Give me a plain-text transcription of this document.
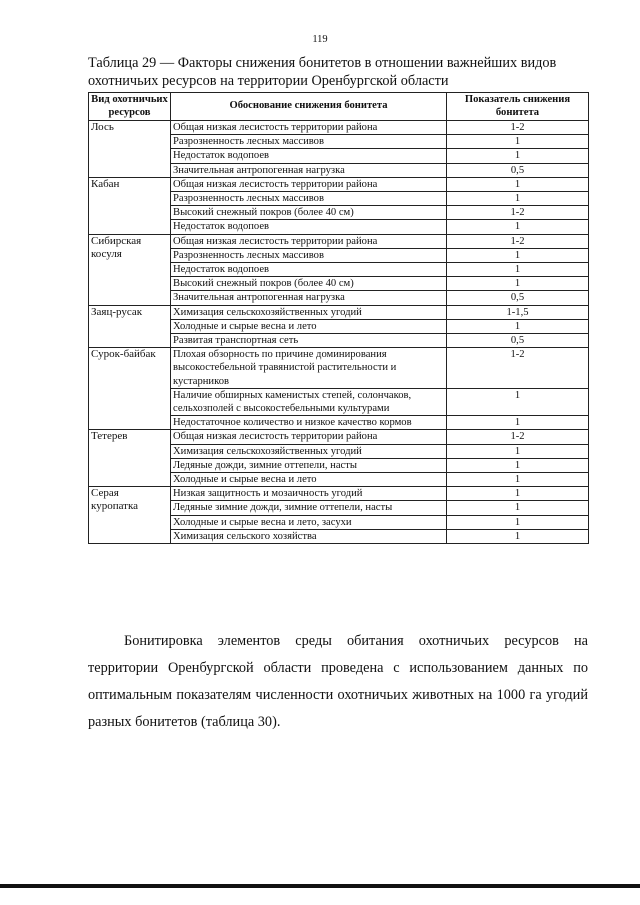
119
Таблица 29 — Факторы снижения бонитетов в отношении важнейших видов охотничьих ресурсов на территории Оренбургской области
Вид охотничьих ресурсов	Обоснование снижения бонитета	Показатель снижения бонитета
Лось	Общая низкая лесистость территории района	1-2
	Разрозненность лесных массивов	1
	Недостаток водопоев	1
	Значительная антропогенная нагрузка	0,5
Кабан	Общая низкая лесистость территории района	1
	Разрозненность лесных массивов	1
	Высокий снежный покров (более 40 см)	1-2
	Недостаток водопоев	1
Сибирская косуля	Общая низкая лесистость территории района	1-2
	Разрозненность лесных массивов	1
	Недостаток водопоев	1
	Высокий снежный покров (более 40 см)	1
	Значительная антропогенная нагрузка	0,5
Заяц-русак	Химизация сельскохозяйственных угодий	1-1,5
	Холодные и сырые весна и лето	1
	Развитая транспортная сеть	0,5
Сурок-байбак	Плохая обзорность по причине доминирования высокостебельной травянистой растительности и кустарников	1-2
	Наличие обширных каменистых степей, солончаков, сельхозполей с высокостебельными культурами	1
	Недостаточное количество и низкое качество кормов	1
Тетерев	Общая низкая лесистость территории района	1-2
	Химизация сельскохозяйственных угодий	1
	Ледяные дожди, зимние оттепели, насты	1
	Холодные и сырые весна и лето	1
Серая куропатка	Низкая защитность и мозаичность угодий	1
	Ледяные зимние дожди, зимние оттепели, насты	1
	Холодные и сырые весна и лето, засухи	1
	Химизация сельского хозяйства	1
Бонитировка элементов среды обитания охотничьих ресурсов на территории Оренбургской области проведена с использованием данных по оптимальным показателям численности охотничьих животных на 1000 га угодий разных бонитетов (таблица 30).
